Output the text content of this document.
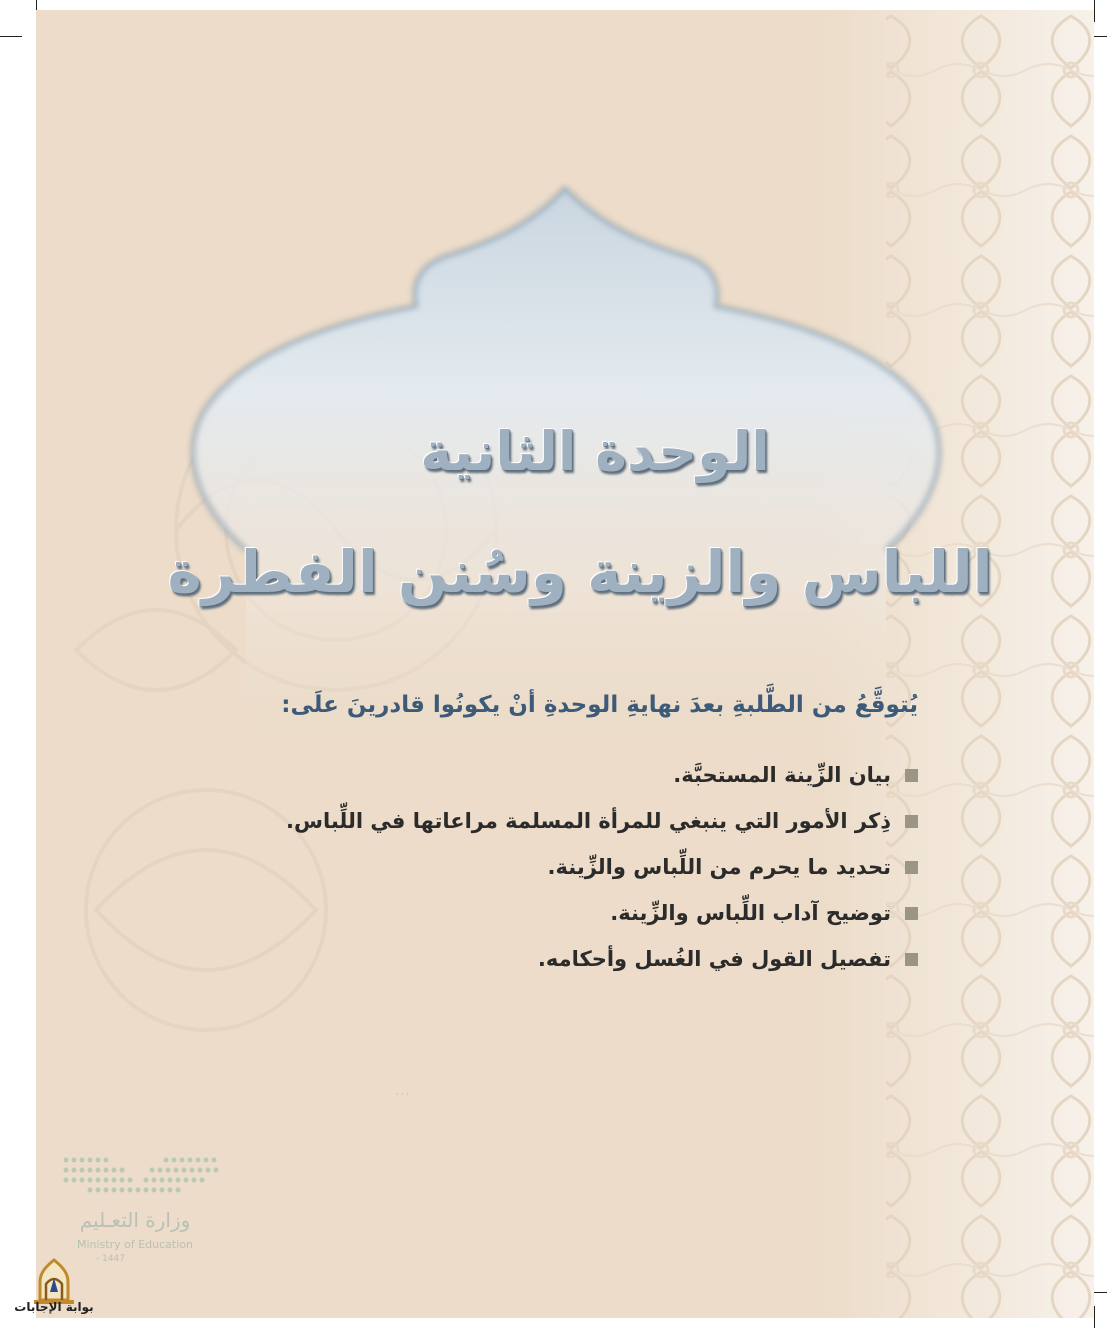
الوحدة الثانية
اللباس والزينة وسُنن الفطرة

يُتوقَّعُ من الطَّلبةِ بعدَ نهايةِ الوحدةِ أنْ يكونُوا قادرينَ علَى:

بيان الزِّينة المستحبَّة.
ذِكر الأمور التي ينبغي للمرأة المسلمة مراعاتها في اللِّباس.
تحديد ما يحرم من اللِّباس والزِّينة.
توضيح آداب اللِّباس والزِّينة.
تفصيل القول في الغُسل وأحكامه.
· · ·

وزارة التعـليم

Ministry of Education

- 1447

بوابة الإجابات
